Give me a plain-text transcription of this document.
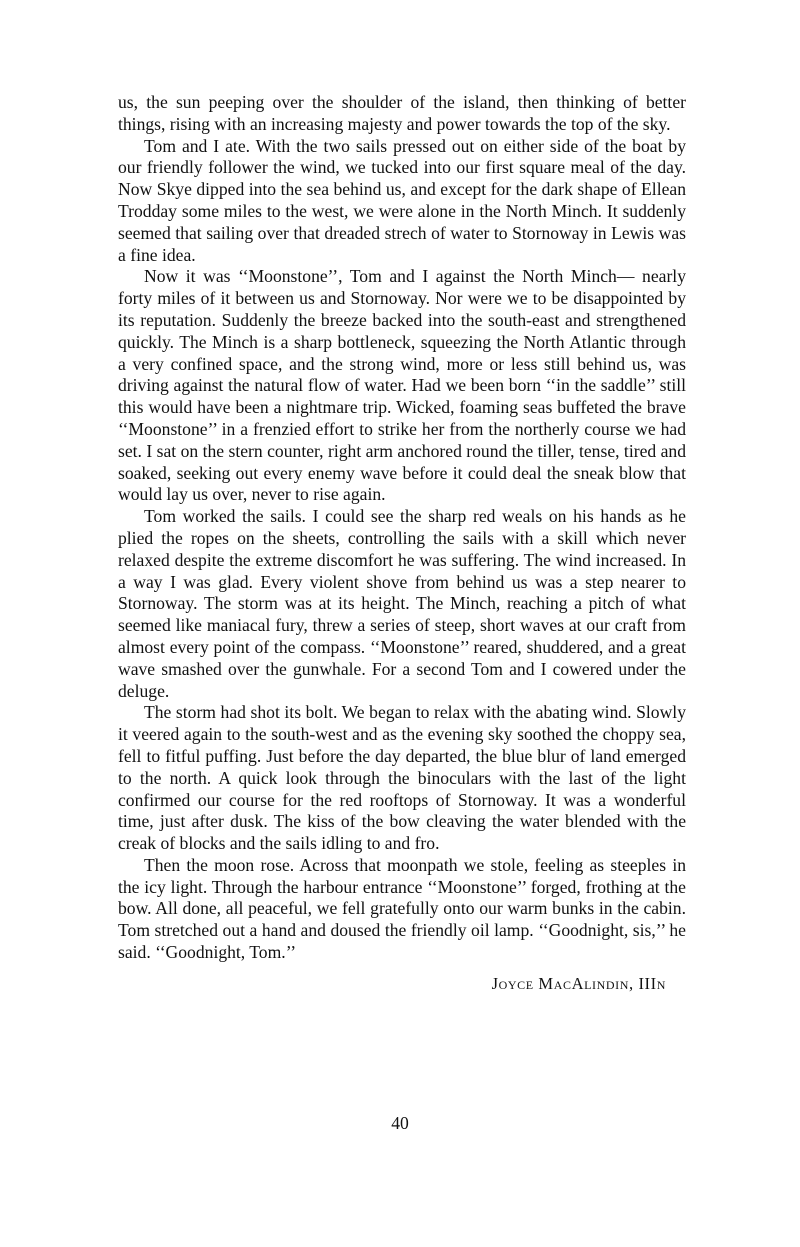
us, the sun peeping over the shoulder of the island, then thinking of better things, rising with an increasing majesty and power towards the top of the sky.

Tom and I ate. With the two sails pressed out on either side of the boat by our friendly follower the wind, we tucked into our first square meal of the day. Now Skye dipped into the sea behind us, and except for the dark shape of Ellean Trodday some miles to the west, we were alone in the North Minch. It suddenly seemed that sailing over that dreaded strech of water to Stornoway in Lewis was a fine idea.

Now it was ‘‘Moonstone’’, Tom and I against the North Minch— nearly forty miles of it between us and Stornoway. Nor were we to be disappointed by its reputation. Suddenly the breeze backed into the south-east and strengthened quickly. The Minch is a sharp bottleneck, squeezing the North Atlantic through a very confined space, and the strong wind, more or less still behind us, was driving against the natural flow of water. Had we been born ‘‘in the saddle’’ still this would have been a nightmare trip. Wicked, foaming seas buffeted the brave ‘‘Moonstone’’ in a frenzied effort to strike her from the northerly course we had set. I sat on the stern counter, right arm anchored round the tiller, tense, tired and soaked, seeking out every enemy wave before it could deal the sneak blow that would lay us over, never to rise again.

Tom worked the sails. I could see the sharp red weals on his hands as he plied the ropes on the sheets, controlling the sails with a skill which never relaxed despite the extreme discomfort he was suffering. The wind increased. In a way I was glad. Every violent shove from behind us was a step nearer to Stornoway. The storm was at its height. The Minch, reaching a pitch of what seemed like maniacal fury, threw a series of steep, short waves at our craft from almost every point of the compass. ‘‘Moonstone’’ reared, shuddered, and a great wave smashed over the gunwhale. For a second Tom and I cowered under the deluge.

The storm had shot its bolt. We began to relax with the abating wind. Slowly it veered again to the south-west and as the evening sky soothed the choppy sea, fell to fitful puffing. Just before the day departed, the blue blur of land emerged to the north. A quick look through the binoculars with the last of the light confirmed our course for the red rooftops of Stornoway. It was a wonderful time, just after dusk. The kiss of the bow cleaving the water blended with the creak of blocks and the sails idling to and fro.

Then the moon rose. Across that moonpath we stole, feeling as steeples in the icy light. Through the harbour entrance ‘‘Moonstone’’ forged, frothing at the bow. All done, all peaceful, we fell gratefully onto our warm bunks in the cabin. Tom stretched out a hand and doused the friendly oil lamp. ‘‘Goodnight, sis,’’ he said. ‘‘Goodnight, Tom.’’

Joyce MacAlindin, IIIn
40
